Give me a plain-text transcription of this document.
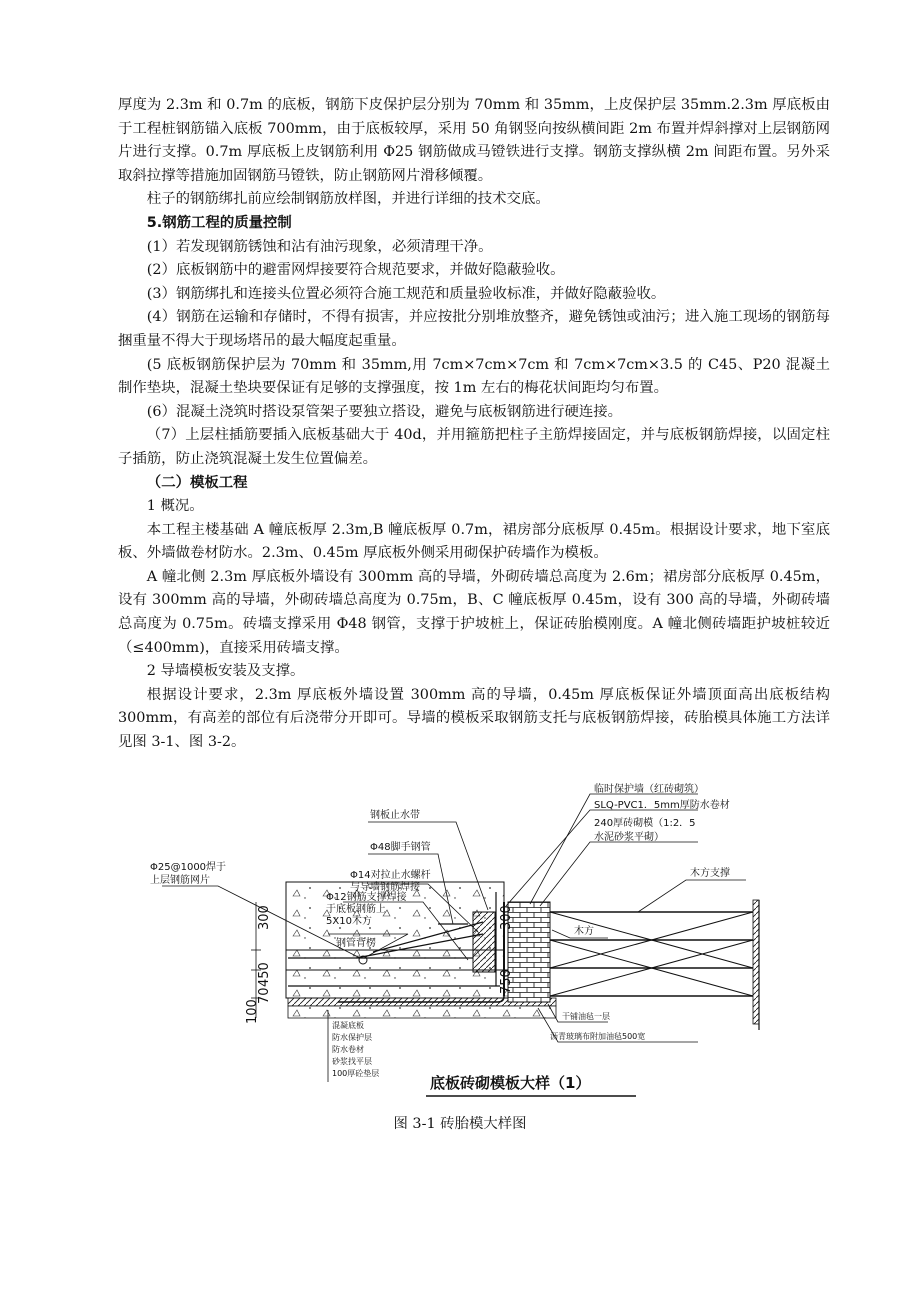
厚度为 2.3m 和 0.7m 的底板，钢筋下皮保护层分别为 70mm 和 35mm，上皮保护层 35mm.2.3m 厚底板由于工程桩钢筋锚入底板 700mm，由于底板较厚，采用 50 角钢竖向按纵横间距 2m 布置并焊斜撑对上层钢筋网片进行支撑。0.7m 厚底板上皮钢筋利用 Φ25 钢筋做成马镫铁进行支撑。钢筋支撑纵横 2m 间距布置。另外采取斜拉撑等措施加固钢筋马镫铁，防止钢筋网片滑移倾覆。

柱子的钢筋绑扎前应绘制钢筋放样图，并进行详细的技术交底。

5.钢筋工程的质量控制

(1）若发现钢筋锈蚀和沾有油污现象，必须清理干净。

(2）底板钢筋中的避雷网焊接要符合规范要求，并做好隐蔽验收。

(3）钢筋绑扎和连接头位置必须符合施工规范和质量验收标准，并做好隐蔽验收。

(4）钢筋在运输和存储时，不得有损害，并应按批分别堆放整齐，避免锈蚀或油污；进入施工现场的钢筋每捆重量不得大于现场塔吊的最大幅度起重量。

(5 底板钢筋保护层为 70mm 和 35mm,用 7cm×7cm×7cm 和 7cm×7cm×3.5 的 C45、P20 混凝土制作垫块，混凝土垫块要保证有足够的支撑强度，按 1m 左右的梅花状间距均匀布置。

(6）混凝土浇筑时搭设泵管架子要独立搭设，避免与底板钢筋进行硬连接。

（7）上层柱插筋要插入底板基础大于 40d，并用箍筋把柱子主筋焊接固定，并与底板钢筋焊接，以固定柱子插筋，防止浇筑混凝土发生位置偏差。

（二）模板工程

1 概况。

本工程主楼基础 A 幢底板厚 2.3m,B 幢底板厚 0.7m，裙房部分底板厚 0.45m。根据设计要求，地下室底板、外墙做卷材防水。2.3m、0.45m 厚底板外侧采用砌保护砖墙作为模板。

A 幢北侧 2.3m 厚底板外墙设有 300mm 高的导墙，外砌砖墙总高度为 2.6m；裙房部分底板厚 0.45m，设有 300mm 高的导墙，外砌砖墙总高度为 0.75m，B、C 幢底板厚 0.45m，设有 300 高的导墙，外砌砖墙总高度为 0.75m。砖墙支撑采用 Φ48 钢管，支撑于护坡桩上，保证砖胎模刚度。A 幢北侧砖墙距护坡桩较近（≤400mm)，直接采用砖墙支撑。

2 导墙模板安装及支撑。

根据设计要求，2.3m 厚底板外墙设置 300mm 高的导墙，0.45m 厚底板保证外墙顶面高出底板结构 300mm，有高差的部位有后浇带分开即可。导墙的模板采取钢筋支托与底板钢筋焊接，砖胎模具体施工方法详见图 3-1、图 3-2。

300
450
70
100
300
750
钢板止水带
Φ48脚手钢管
Φ14对拉止水螺杆
与导墙钢筋焊接
Φ25@1000焊于
上层钢筋网片
Φ12钢筋支撑焊接
于底板钢筋上
5X10木方
钢管背楞
临时保护墙（红砖砌筑）
SLQ-PVC1．5mm厚防水卷材
240厚砖砌模（1:2．5
水泥砂浆平砌）
木方支撑
木方
干铺油毡一层
沥青玻璃布附加油毡500宽
混凝底板
防水保护层
防水卷材
砂浆找平层
100厚砼垫层
底板砖砌模板大样（1）
图 3-1 砖胎模大样图
